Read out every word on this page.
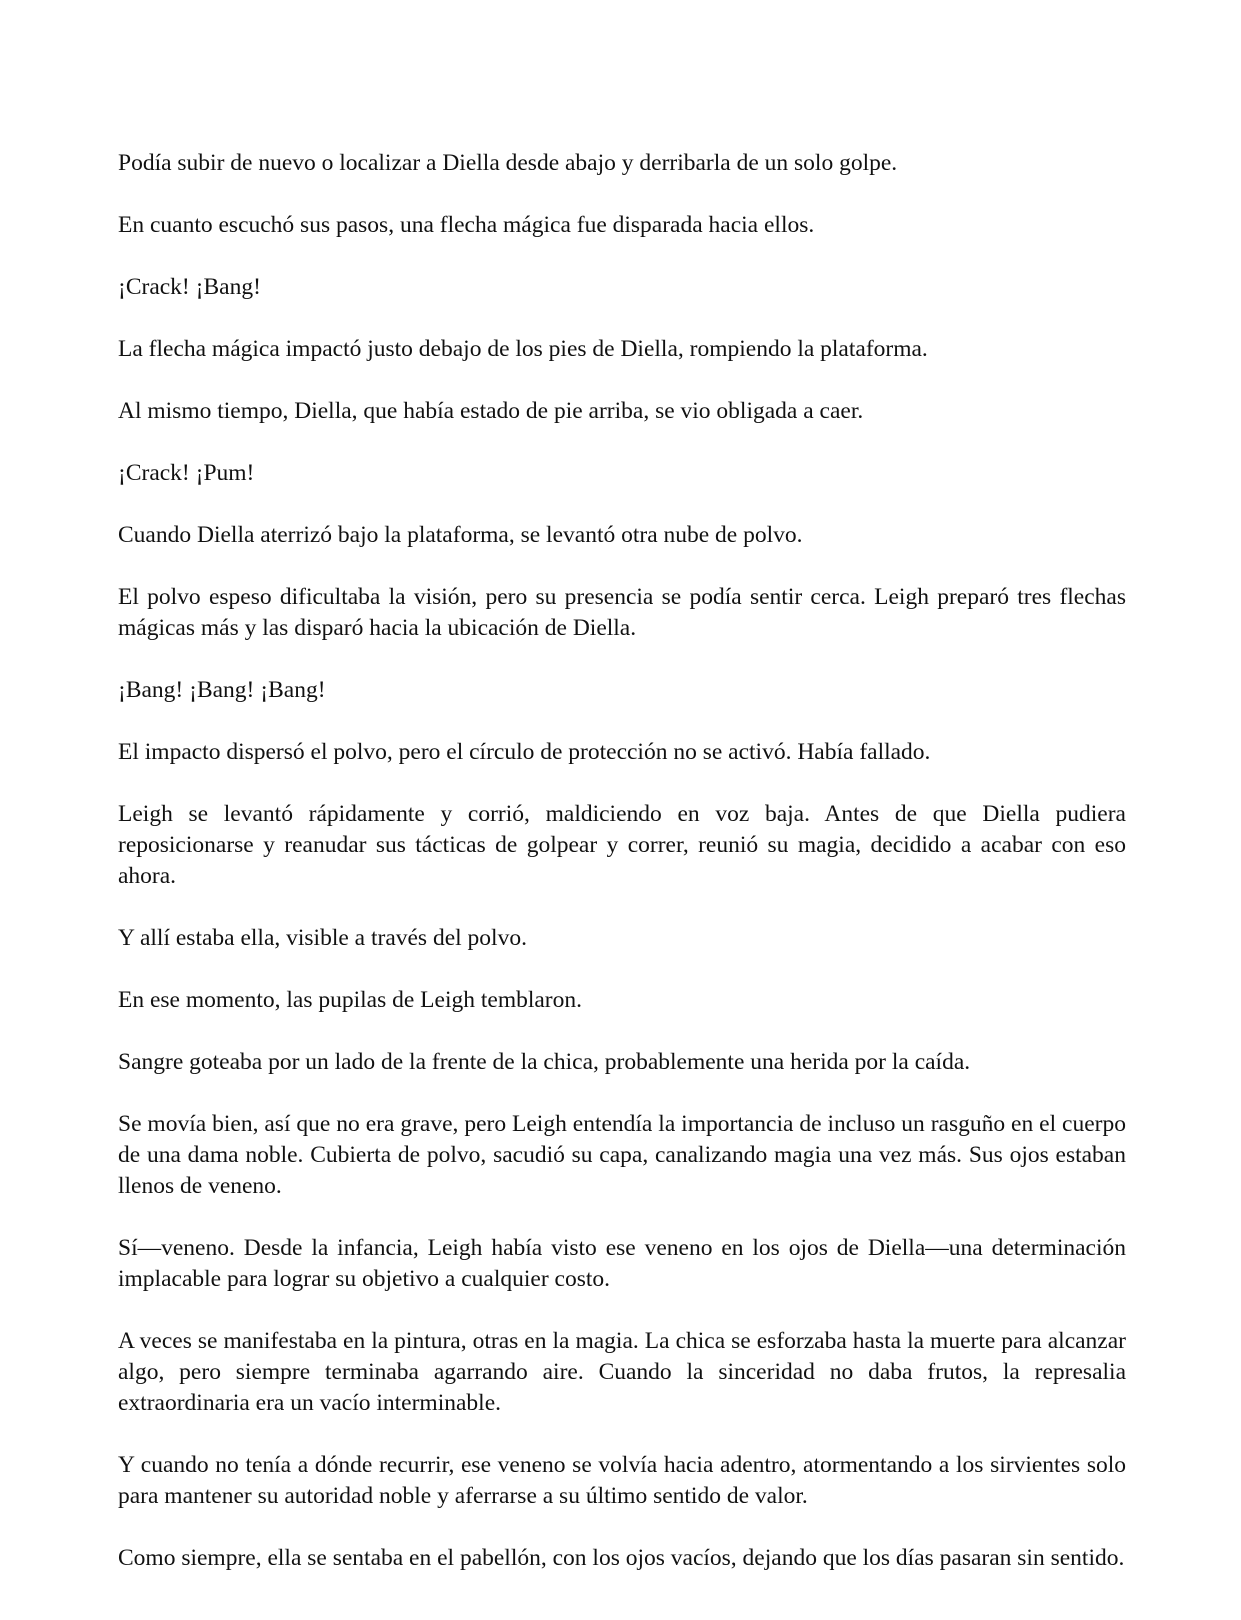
Podía subir de nuevo o localizar a Diella desde abajo y derribarla de un solo golpe.

En cuanto escuchó sus pasos, una flecha mágica fue disparada hacia ellos.

¡Crack! ¡Bang!

La flecha mágica impactó justo debajo de los pies de Diella, rompiendo la plataforma.

Al mismo tiempo, Diella, que había estado de pie arriba, se vio obligada a caer.

¡Crack! ¡Pum!

Cuando Diella aterrizó bajo la plataforma, se levantó otra nube de polvo.

El polvo espeso dificultaba la visión, pero su presencia se podía sentir cerca. Leigh preparó tres flechas mágicas más y las disparó hacia la ubicación de Diella.

¡Bang! ¡Bang! ¡Bang!

El impacto dispersó el polvo, pero el círculo de protección no se activó. Había fallado.

Leigh se levantó rápidamente y corrió, maldiciendo en voz baja. Antes de que Diella pudiera reposicionarse y reanudar sus tácticas de golpear y correr, reunió su magia, decidido a acabar con eso ahora.

Y allí estaba ella, visible a través del polvo.

En ese momento, las pupilas de Leigh temblaron.

Sangre goteaba por un lado de la frente de la chica, probablemente una herida por la caída.

Se movía bien, así que no era grave, pero Leigh entendía la importancia de incluso un rasguño en el cuerpo de una dama noble. Cubierta de polvo, sacudió su capa, canalizando magia una vez más. Sus ojos estaban llenos de veneno.

Sí—veneno. Desde la infancia, Leigh había visto ese veneno en los ojos de Diella—una determinación implacable para lograr su objetivo a cualquier costo.

A veces se manifestaba en la pintura, otras en la magia. La chica se esforzaba hasta la muerte para alcanzar algo, pero siempre terminaba agarrando aire. Cuando la sinceridad no daba frutos, la represalia extraordinaria era un vacío interminable.

Y cuando no tenía a dónde recurrir, ese veneno se volvía hacia adentro, atormentando a los sirvientes solo para mantener su autoridad noble y aferrarse a su último sentido de valor.

Como siempre, ella se sentaba en el pabellón, con los ojos vacíos, dejando que los días pasaran sin sentido.
